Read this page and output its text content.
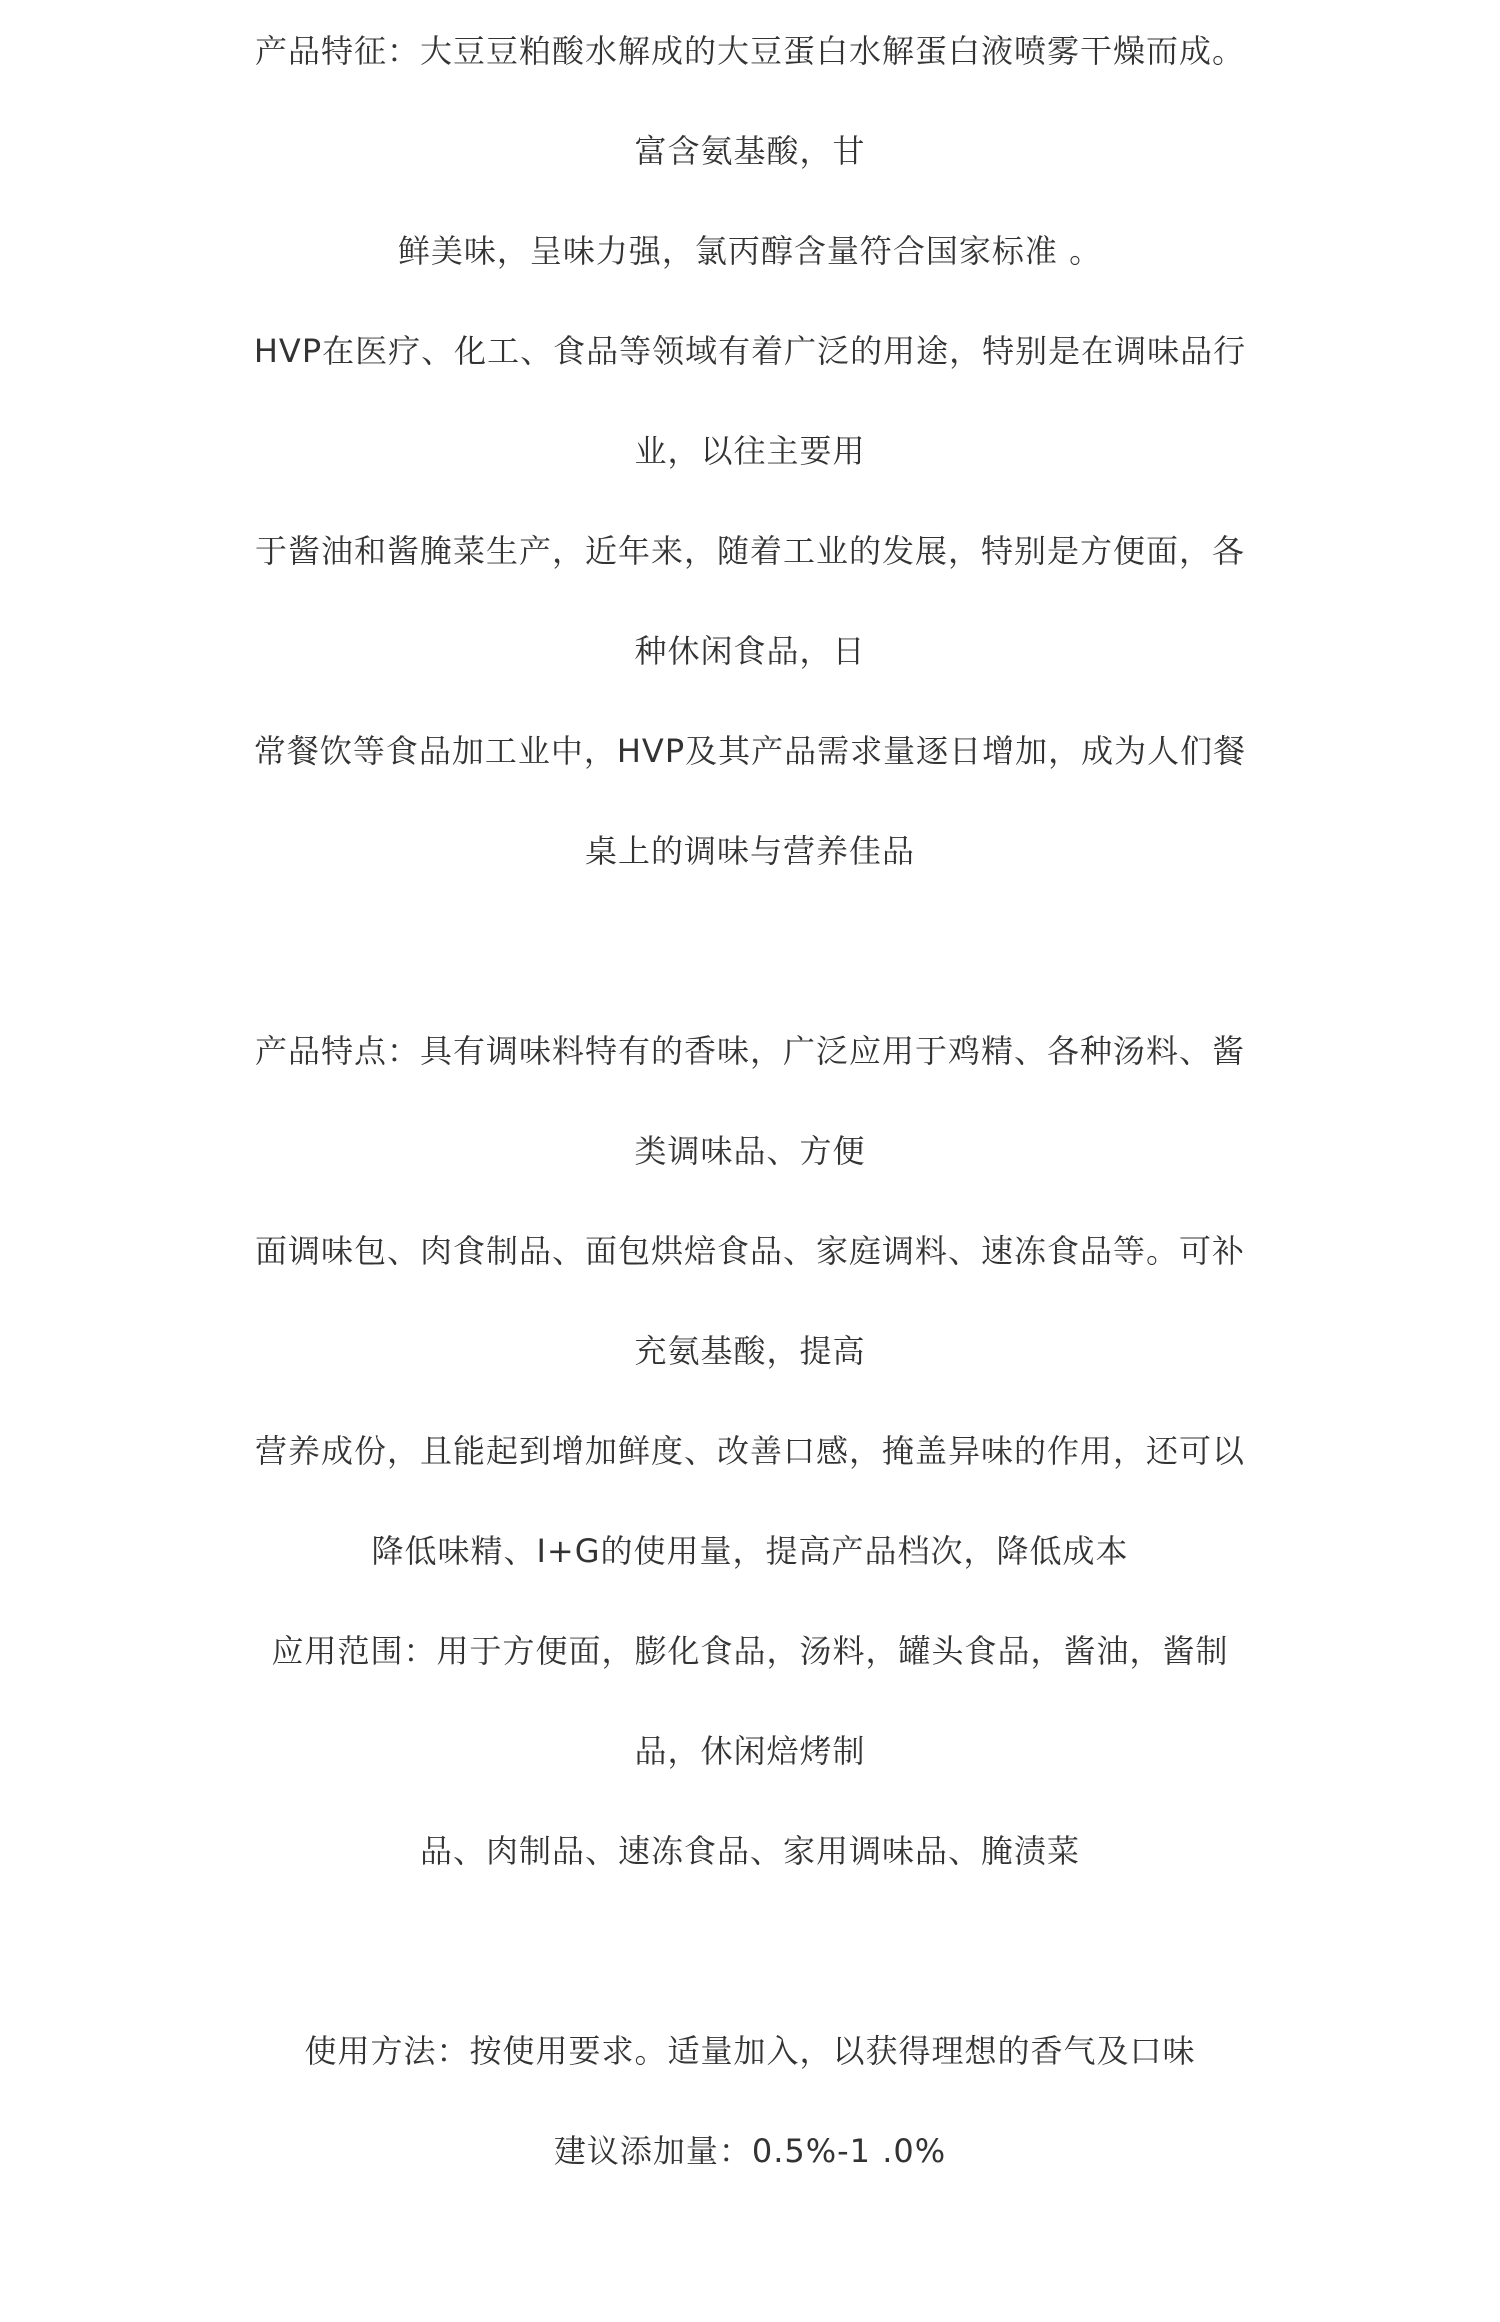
产品特征：大豆豆粕酸水解成的大豆蛋白水解蛋白液喷雾干燥而成。
富含氨基酸，甘
鲜美味，呈味力强，氯丙醇含量符合国家标准 。
HVP在医疗、化工、食品等领域有着广泛的用途，特别是在调味品行
业，以往主要用
于酱油和酱腌菜生产，近年来，随着工业的发展，特别是方便面，各
种休闲食品，日
常餐饮等食品加工业中，HVP及其产品需求量逐日增加，成为人们餐
桌上的调味与营养佳品
产品特点：具有调味料特有的香味，广泛应用于鸡精、各种汤料、酱
类调味品、方便
面调味包、肉食制品、面包烘焙食品、家庭调料、速冻食品等。可补
充氨基酸，提高
营养成份，且能起到增加鲜度、改善口感，掩盖异味的作用，还可以
降低味精、I+G的使用量，提高产品档次，降低成本
应用范围：用于方便面，膨化食品，汤料，罐头食品，酱油，酱制
品，休闲焙烤制
品、肉制品、速冻食品、家用调味品、腌渍菜
使用方法：按使用要求。适量加入，以获得理想的香气及口味
建议添加量：0.5%-1 .0%
